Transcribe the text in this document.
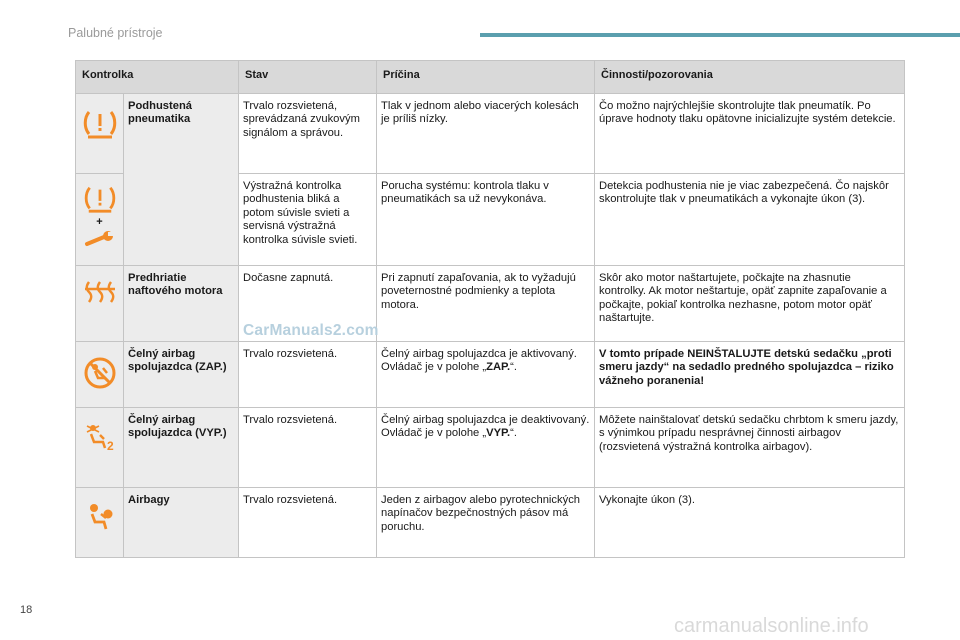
Palubné prístroje
Kontrolka		Stav	Príčina	Činnosti/pozorovania

	Podhustená pneumatika	Trvalo rozsvietená, sprevádzaná zvukovým signálom a správou.	Tlak v jednom alebo viacerých kolesách je príliš nízky.	Čo možno najrýchlejšie skontrolujte tlak pneumatík. Po úprave hodnoty tlaku opätovne inicializujte systém detekcie.

+		Výstražná kontrolka podhustenia bliká a potom súvisle svieti a servisná výstražná kontrolka súvisle svieti.	Porucha systému: kontrola tlaku v pneumatikách sa už nevykonáva.	Detekcia podhustenia nie je viac zabezpečená. Čo najskôr skontrolujte tlak v pneumatikách a vykonajte úkon (3).

	Predhriatie naftového motora	Dočasne zapnutá.	Pri zapnutí zapaľovania, ak to vyžadujú poveternostné podmienky a teplota motora.	Skôr ako motor naštartujete, počkajte na zhasnutie kontrolky. Ak motor neštartuje, opäť zapnite zapaľovanie a počkajte, pokiaľ kontrolka nezhasne, potom motor opäť naštartujte.

	Čelný airbag spolujazdca (ZAP.)	Trvalo rozsvietená.	Čelný airbag spolujazdca je aktivovaný. Ovládač je v polohe „ZAP.“.	V tomto prípade NEINŠTALUJTE detskú sedačku „proti smeru jazdy“ na sedadlo predného spolujazdca – riziko vážneho poranenia!

2	Čelný airbag spolujazdca (VYP.)	Trvalo rozsvietená.	Čelný airbag spolujazdca je deaktivovaný. Ovládač je v polohe „VYP.“.	Môžete nainštalovať detskú sedačku chrbtom k smeru jazdy, s výnimkou prípadu nesprávnej činnosti airbagov (rozsvietená výstražná kontrolka airbagov).

	Airbagy	Trvalo rozsvietená.	Jeden z airbagov alebo pyrotechnických napínačov bezpečnostných pásov má poruchu.	Vykonajte úkon (3).
CarManuals2.com
18
carmanualsonline.info
